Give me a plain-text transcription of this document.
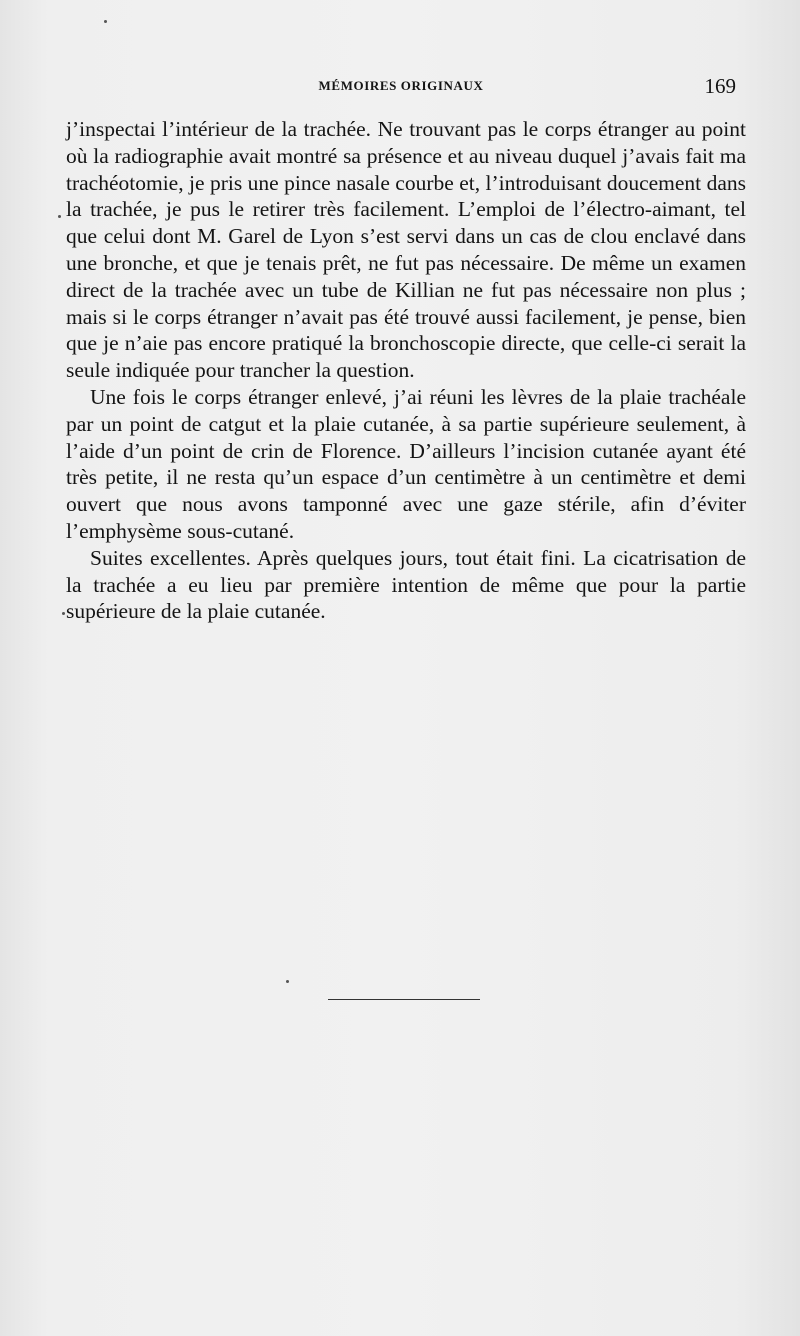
MÉMOIRES ORIGINAUX	169

j’inspectai l’intérieur de la trachée. Ne trouvant pas le corps étranger au point où la radiographie avait montré sa présence et au niveau duquel j’avais fait ma trachéotomie, je pris une pince nasale courbe et, l’introduisant doucement dans la trachée, je pus le retirer très facilement. L’emploi de l’électro-aimant, tel que celui dont M. Garel de Lyon s’est servi dans un cas de clou enclavé dans une bronche, et que je tenais prêt, ne fut pas nécessaire. De même un examen direct de la trachée avec un tube de Killian ne fut pas nécessaire non plus ; mais si le corps étranger n’avait pas été trouvé aussi facilement, je pense, bien que je n’aie pas encore pratiqué la bronchoscopie directe, que celle-ci serait la seule indiquée pour trancher la question.

Une fois le corps étranger enlevé, j’ai réuni les lèvres de la plaie trachéale par un point de catgut et la plaie cutanée, à sa partie supérieure seulement, à l’aide d’un point de crin de Florence. D’ailleurs l’incision cutanée ayant été très petite, il ne resta qu’un espace d’un centimètre à un centimètre et demi ouvert que nous avons tamponné avec une gaze stérile, afin d’éviter l’emphysème sous-cutané.

Suites excellentes. Après quelques jours, tout était fini. La cicatrisation de la trachée a eu lieu par première intention de même que pour la partie supérieure de la plaie cutanée.
